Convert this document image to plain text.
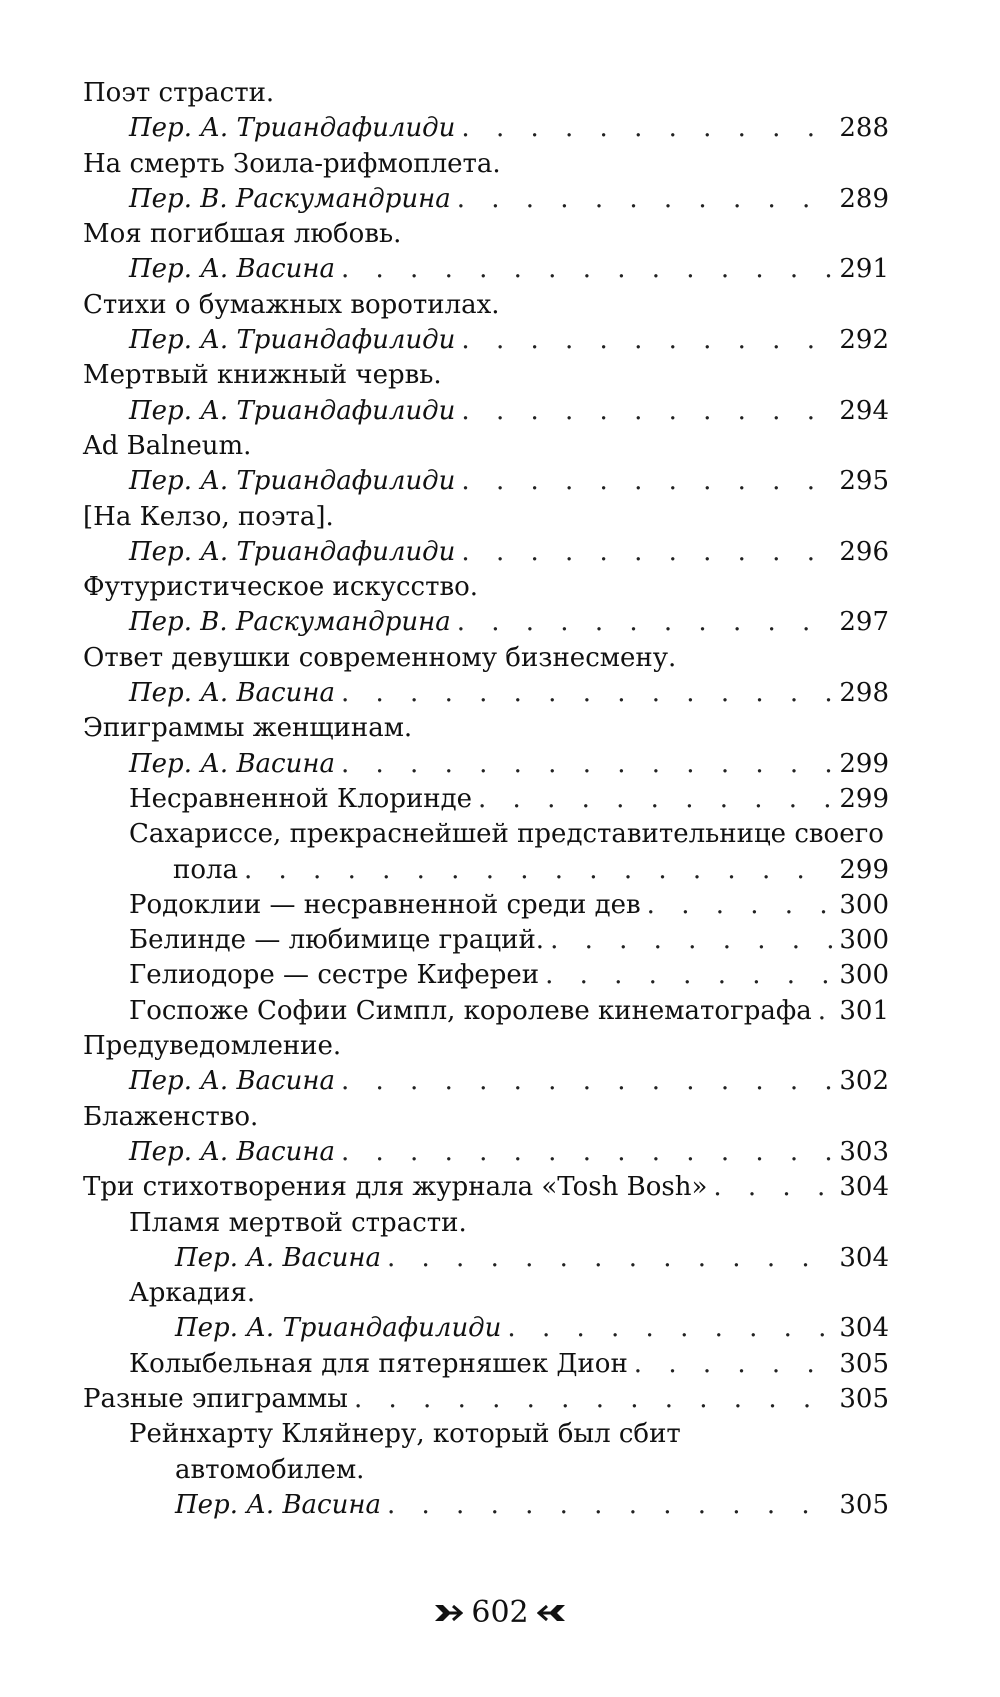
Поэт страсти.
Пер. А. Триандафилиди . . .	288
На смерть Зоила-рифмоплета.
Пер. В. Раскумандрина . . .	289
Моя погибшая любовь.
Пер. А. Васина . . .	291
Стихи о бумажных воротилах.
Пер. А. Триандафилиди . . .	292
Мертвый книжный червь.
Пер. А. Триандафилиди . . .	294
Ad Balneum.
Пер. А. Триандафилиди . . .	295
[На Келзо, поэта].
Пер. А. Триандафилиди . . .	296
Футуристическое искусство.
Пер. В. Раскумандрина . . .	297
Ответ девушки современному бизнесмену.
Пер. А. Васина . . .	298
Эпиграммы женщинам.
Пер. А. Васина . . .	299
Несравненной Клоринде . . .	299
Сахариссе, прекраснейшей представительнице своего
пола . . .	299
Родоклии — несравненной среди дев . . .	300
Белинде — любимице граций. . . .	300
Гелиодоре — сестре Кифереи . . .	300
Госпоже Софии Симпл, королеве кинематографа . . . 301
Предуведомление.
Пер. А. Васина . . .	302
Блаженство.
Пер. А. Васина . . .	303
Три стихотворения для журнала «Tosh Bosh» . . .	304
Пламя мертвой страсти.
Пер. А. Васина . . .	304
Аркадия.
Пер. А. Триандафилиди . . .	304
Колыбельная для пятерняшек Дион . . .	305
Разные эпиграммы . . .	305
Рейнхарту Кляйнеру, который был сбит
автомобилем.
Пер. А. Васина . . .	305
602
